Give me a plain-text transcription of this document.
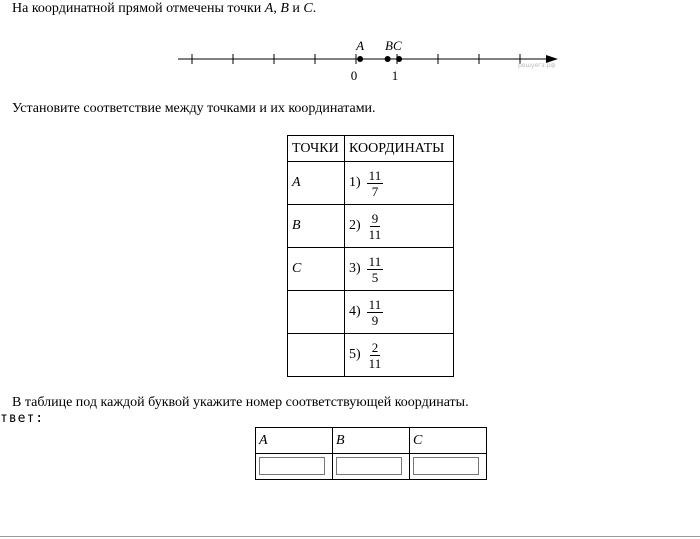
На координатной прямой отмечены точки A, B и C.
A BC
0	1
решуегэ.рф
Установите соответствие между точками и их координатами.
ТОЧКИ	КООРДИНАТЫ
A	$1) \frac{11}{7}$

B	$2) \frac{9}{11}$

C	$3) \frac{11}{5}$

	$4) \frac{11}{9}$

	$5) \frac{2}{11}$
В таблице под каждой буквой укажите номер соответствующей координаты.
твет:
A	B	C
